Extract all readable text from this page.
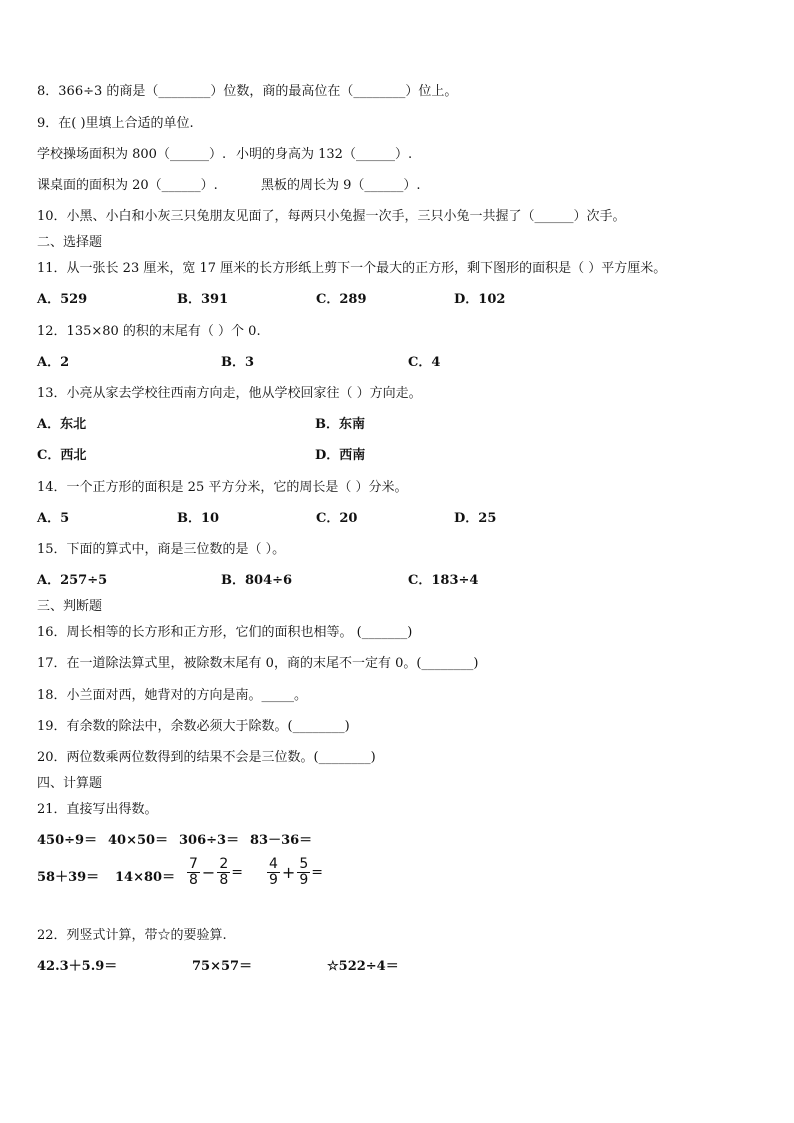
8．366÷3 的商是（________）位数，商的最高位在（________）位上。
9．在( )里填上合适的单位.
学校操场面积为 800（______）. 小明的身高为 132（______）.
课桌面的面积为 20（______）.	黑板的周长为 9（______）.
10．小黑、小白和小灰三只兔朋友见面了，每两只小兔握一次手，三只小兔一共握了（______）次手。
二、选择题
11．从一张长 23 厘米，宽 17 厘米的长方形纸上剪下一个最大的正方形，剩下图形的面积是（ ）平方厘米。
A．529	B．391	C．289	D．102
12．135×80 的积的末尾有（ ）个 0.
A．2	B．3	C．4
13．小亮从家去学校往西南方向走，他从学校回家往（ ）方向走。
A．东北	B．东南
C．西北	D．西南
14．一个正方形的面积是 25 平方分米，它的周长是（ ）分米。
A．5	B．10	C．20	D．25
15．下面的算式中，商是三位数的是（ ）。
A．257÷5	B．804÷6	C．183÷4
三、判断题
16．周长相等的长方形和正方形，它们的面积也相等。 (_______)
17．在一道除法算式里，被除数末尾有 0，商的末尾不一定有 0。(________)
18．小兰面对西，她背对的方向是南。_____。
19．有余数的除法中，余数必须大于除数。(________)
20．两位数乘两位数得到的结果不会是三位数。(________)
四、计算题
21．直接写出得数。
450÷9＝ 40×50＝ 306÷3＝ 83－36＝
$58+39= 14\times 80= \frac{7}{8} - \frac{2}{8} = \frac{4}{9} + \frac{5}{9}$ =
22．列竖式计算，带☆的要验算.
42.3＋5.9＝	75×57＝	☆522÷4＝
